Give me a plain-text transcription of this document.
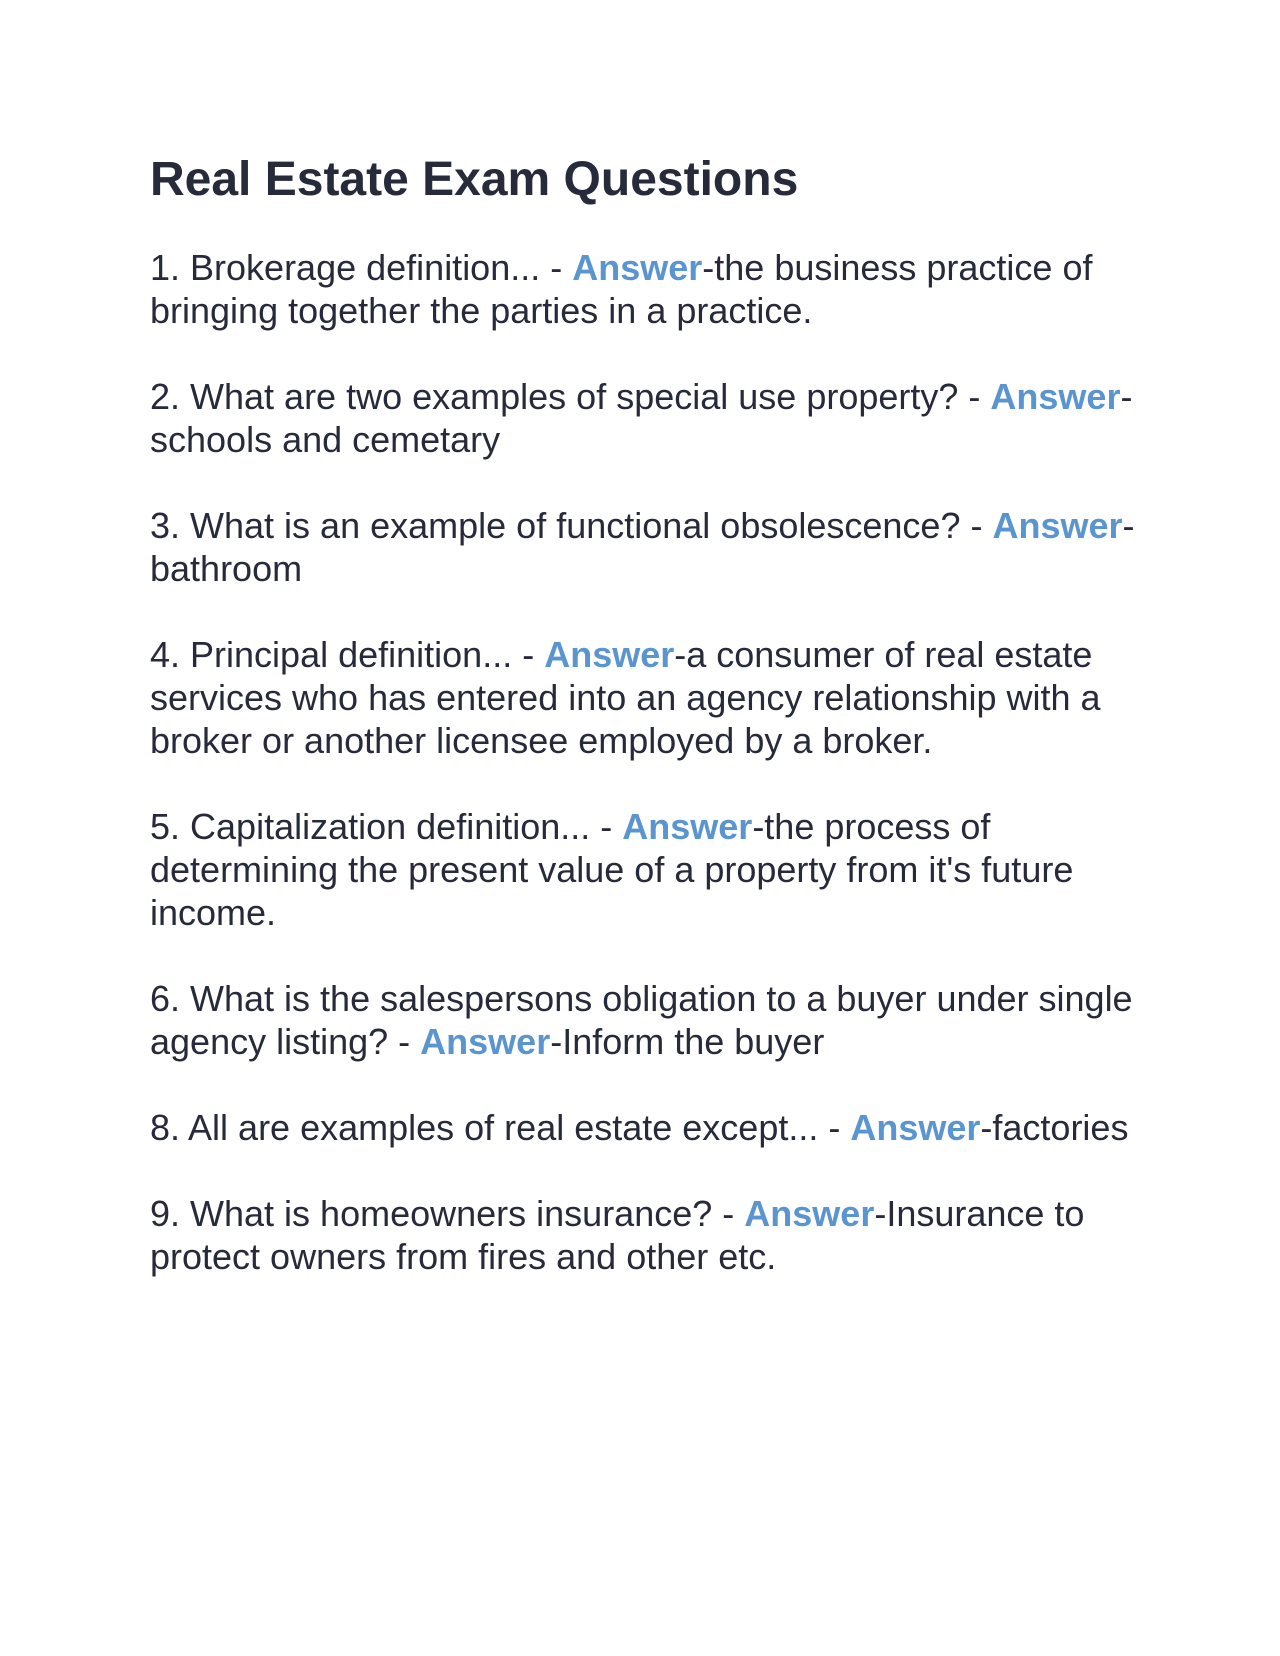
Real Estate Exam Questions

1. Brokerage definition... - Answer-the business practice of bringing together the parties in a practice.

2. What are two examples of special use property? - Answer-schools and cemetary

3. What is an example of functional obsolescence? - Answer-bathroom

4. Principal definition... - Answer-a consumer of real estate services who has entered into an agency relationship with a broker or another licensee employed by a broker.

5. Capitalization definition... - Answer-the process of determining the present value of a property from it's future income.

6. What is the salespersons obligation to a buyer under single agency listing? - Answer-Inform the buyer

8. All are examples of real estate except... - Answer-factories

9. What is homeowners insurance? - Answer-Insurance to protect owners from fires and other etc.
